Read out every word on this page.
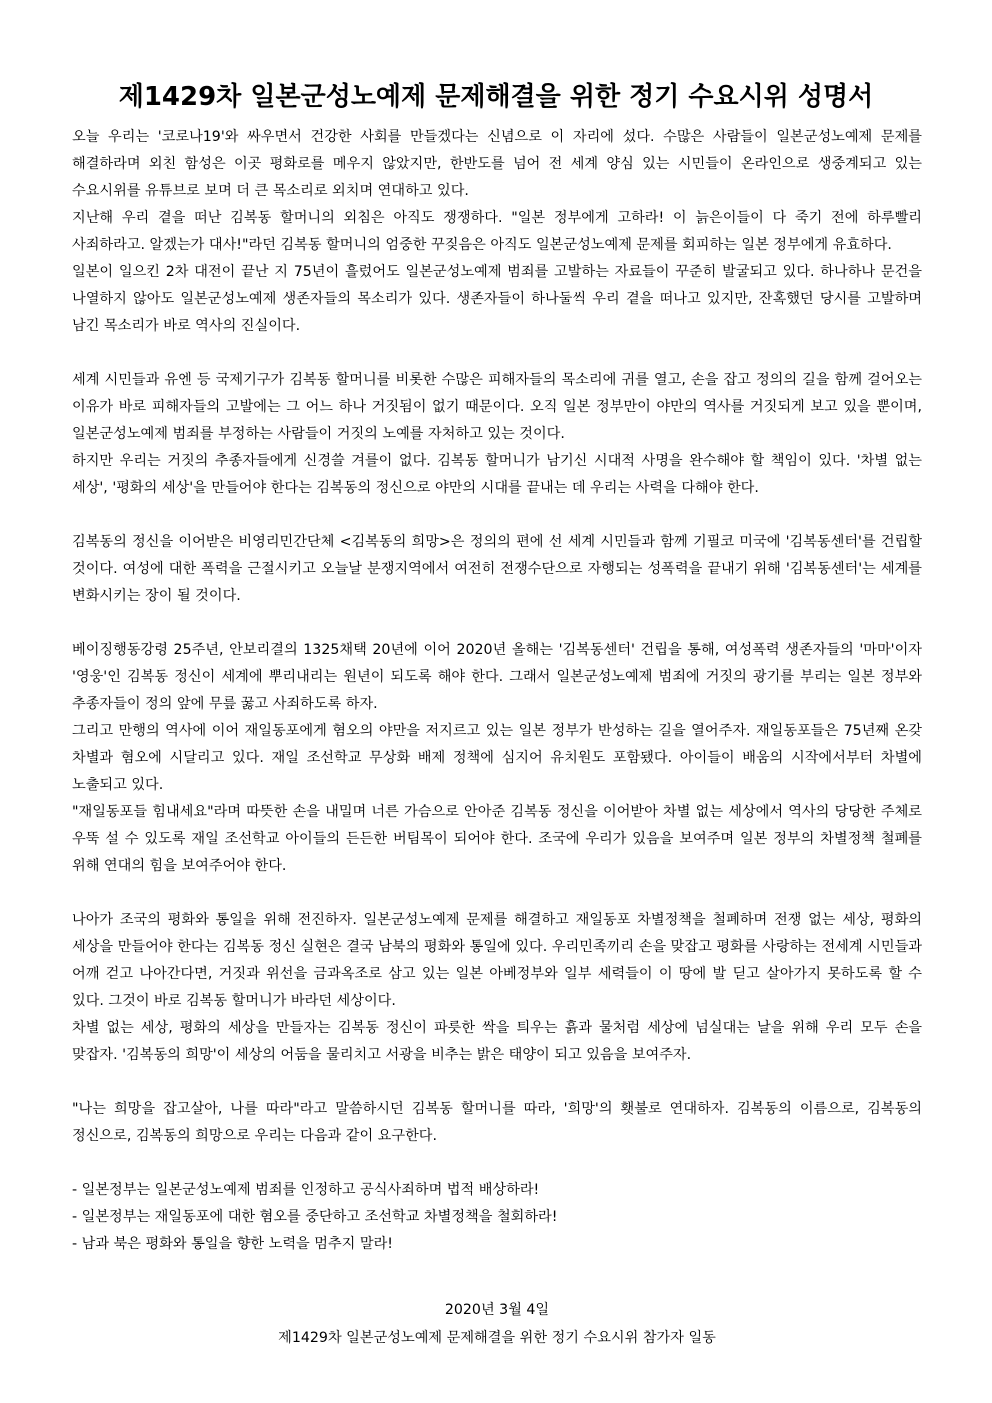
제1429차 일본군성노예제 문제해결을 위한 정기 수요시위 성명서

오늘 우리는 '코로나19'와 싸우면서 건강한 사회를 만들겠다는 신념으로 이 자리에 섰다. 수많은 사람들이 일본군성노예제 문제를 해결하라며 외친 함성은 이곳 평화로를 메우지 않았지만, 한반도를 넘어 전 세계 양심 있는 시민들이 온라인으로 생중계되고 있는 수요시위를 유튜브로 보며 더 큰 목소리로 외치며 연대하고 있다.

지난해 우리 곁을 떠난 김복동 할머니의 외침은 아직도 쟁쟁하다. "일본 정부에게 고하라! 이 늙은이들이 다 죽기 전에 하루빨리 사죄하라고. 알겠는가 대사!"라던 김복동 할머니의 엄중한 꾸짖음은 아직도 일본군성노예제 문제를 회피하는 일본 정부에게 유효하다.

일본이 일으킨 2차 대전이 끝난 지 75년이 흘렀어도 일본군성노예제 범죄를 고발하는 자료들이 꾸준히 발굴되고 있다. 하나하나 문건을 나열하지 않아도 일본군성노예제 생존자들의 목소리가 있다. 생존자들이 하나둘씩 우리 곁을 떠나고 있지만, 잔혹했던 당시를 고발하며 남긴 목소리가 바로 역사의 진실이다.

세계 시민들과 유엔 등 국제기구가 김복동 할머니를 비롯한 수많은 피해자들의 목소리에 귀를 열고, 손을 잡고 정의의 길을 함께 걸어오는 이유가 바로 피해자들의 고발에는 그 어느 하나 거짓됨이 없기 때문이다. 오직 일본 정부만이 야만의 역사를 거짓되게 보고 있을 뿐이며, 일본군성노예제 범죄를 부정하는 사람들이 거짓의 노예를 자처하고 있는 것이다.

하지만 우리는 거짓의 추종자들에게 신경쓸 겨를이 없다. 김복동 할머니가 남기신 시대적 사명을 완수해야 할 책임이 있다. '차별 없는 세상', '평화의 세상'을 만들어야 한다는 김복동의 정신으로 야만의 시대를 끝내는 데 우리는 사력을 다해야 한다.

김복동의 정신을 이어받은 비영리민간단체 <김복동의 희망>은 정의의 편에 선 세계 시민들과 함께 기필코 미국에 '김복동센터'를 건립할 것이다. 여성에 대한 폭력을 근절시키고 오늘날 분쟁지역에서 여전히 전쟁수단으로 자행되는 성폭력을 끝내기 위해 '김복동센터'는 세계를 변화시키는 장이 될 것이다.

베이징행동강령 25주년, 안보리결의 1325채택 20년에 이어 2020년 올해는 '김복동센터' 건립을 통해, 여성폭력 생존자들의 '마마'이자 '영웅'인 김복동 정신이 세계에 뿌리내리는 원년이 되도록 해야 한다. 그래서 일본군성노예제 범죄에 거짓의 광기를 부리는 일본 정부와 추종자들이 정의 앞에 무릎 꿇고 사죄하도록 하자.

그리고 만행의 역사에 이어 재일동포에게 혐오의 야만을 저지르고 있는 일본 정부가 반성하는 길을 열어주자. 재일동포들은 75년째 온갖 차별과 혐오에 시달리고 있다. 재일 조선학교 무상화 배제 정책에 심지어 유치원도 포함됐다. 아이들이 배움의 시작에서부터 차별에 노출되고 있다.

"재일동포들 힘내세요"라며 따뜻한 손을 내밀며 너른 가슴으로 안아준 김복동 정신을 이어받아 차별 없는 세상에서 역사의 당당한 주체로 우뚝 설 수 있도록 재일 조선학교 아이들의 든든한 버팀목이 되어야 한다. 조국에 우리가 있음을 보여주며 일본 정부의 차별정책 철폐를 위해 연대의 힘을 보여주어야 한다.

나아가 조국의 평화와 통일을 위해 전진하자. 일본군성노예제 문제를 해결하고 재일동포 차별정책을 철폐하며 전쟁 없는 세상, 평화의 세상을 만들어야 한다는 김복동 정신 실현은 결국 남북의 평화와 통일에 있다. 우리민족끼리 손을 맞잡고 평화를 사랑하는 전세계 시민들과 어깨 걷고 나아간다면, 거짓과 위선을 금과옥조로 삼고 있는 일본 아베정부와 일부 세력들이 이 땅에 발 딛고 살아가지 못하도록 할 수 있다. 그것이 바로 김복동 할머니가 바라던 세상이다.

차별 없는 세상, 평화의 세상을 만들자는 김복동 정신이 파릇한 싹을 틔우는 흙과 물처럼 세상에 넘실대는 날을 위해 우리 모두 손을 맞잡자. '김복동의 희망'이 세상의 어둠을 물리치고 서광을 비추는 밝은 태양이 되고 있음을 보여주자.

"나는 희망을 잡고살아, 나를 따라"라고 말씀하시던 김복동 할머니를 따라, '희망'의 횃불로 연대하자. 김복동의 이름으로, 김복동의 정신으로, 김복동의 희망으로 우리는 다음과 같이 요구한다.

- 일본정부는 일본군성노예제 범죄를 인정하고 공식사죄하며 법적 배상하라!
- 일본정부는 재일동포에 대한 혐오를 중단하고 조선학교 차별정책을 철회하라!
- 남과 북은 평화와 통일을 향한 노력을 멈추지 말라!
2020년 3월 4일
제1429차 일본군성노예제 문제해결을 위한 정기 수요시위 참가자 일동
